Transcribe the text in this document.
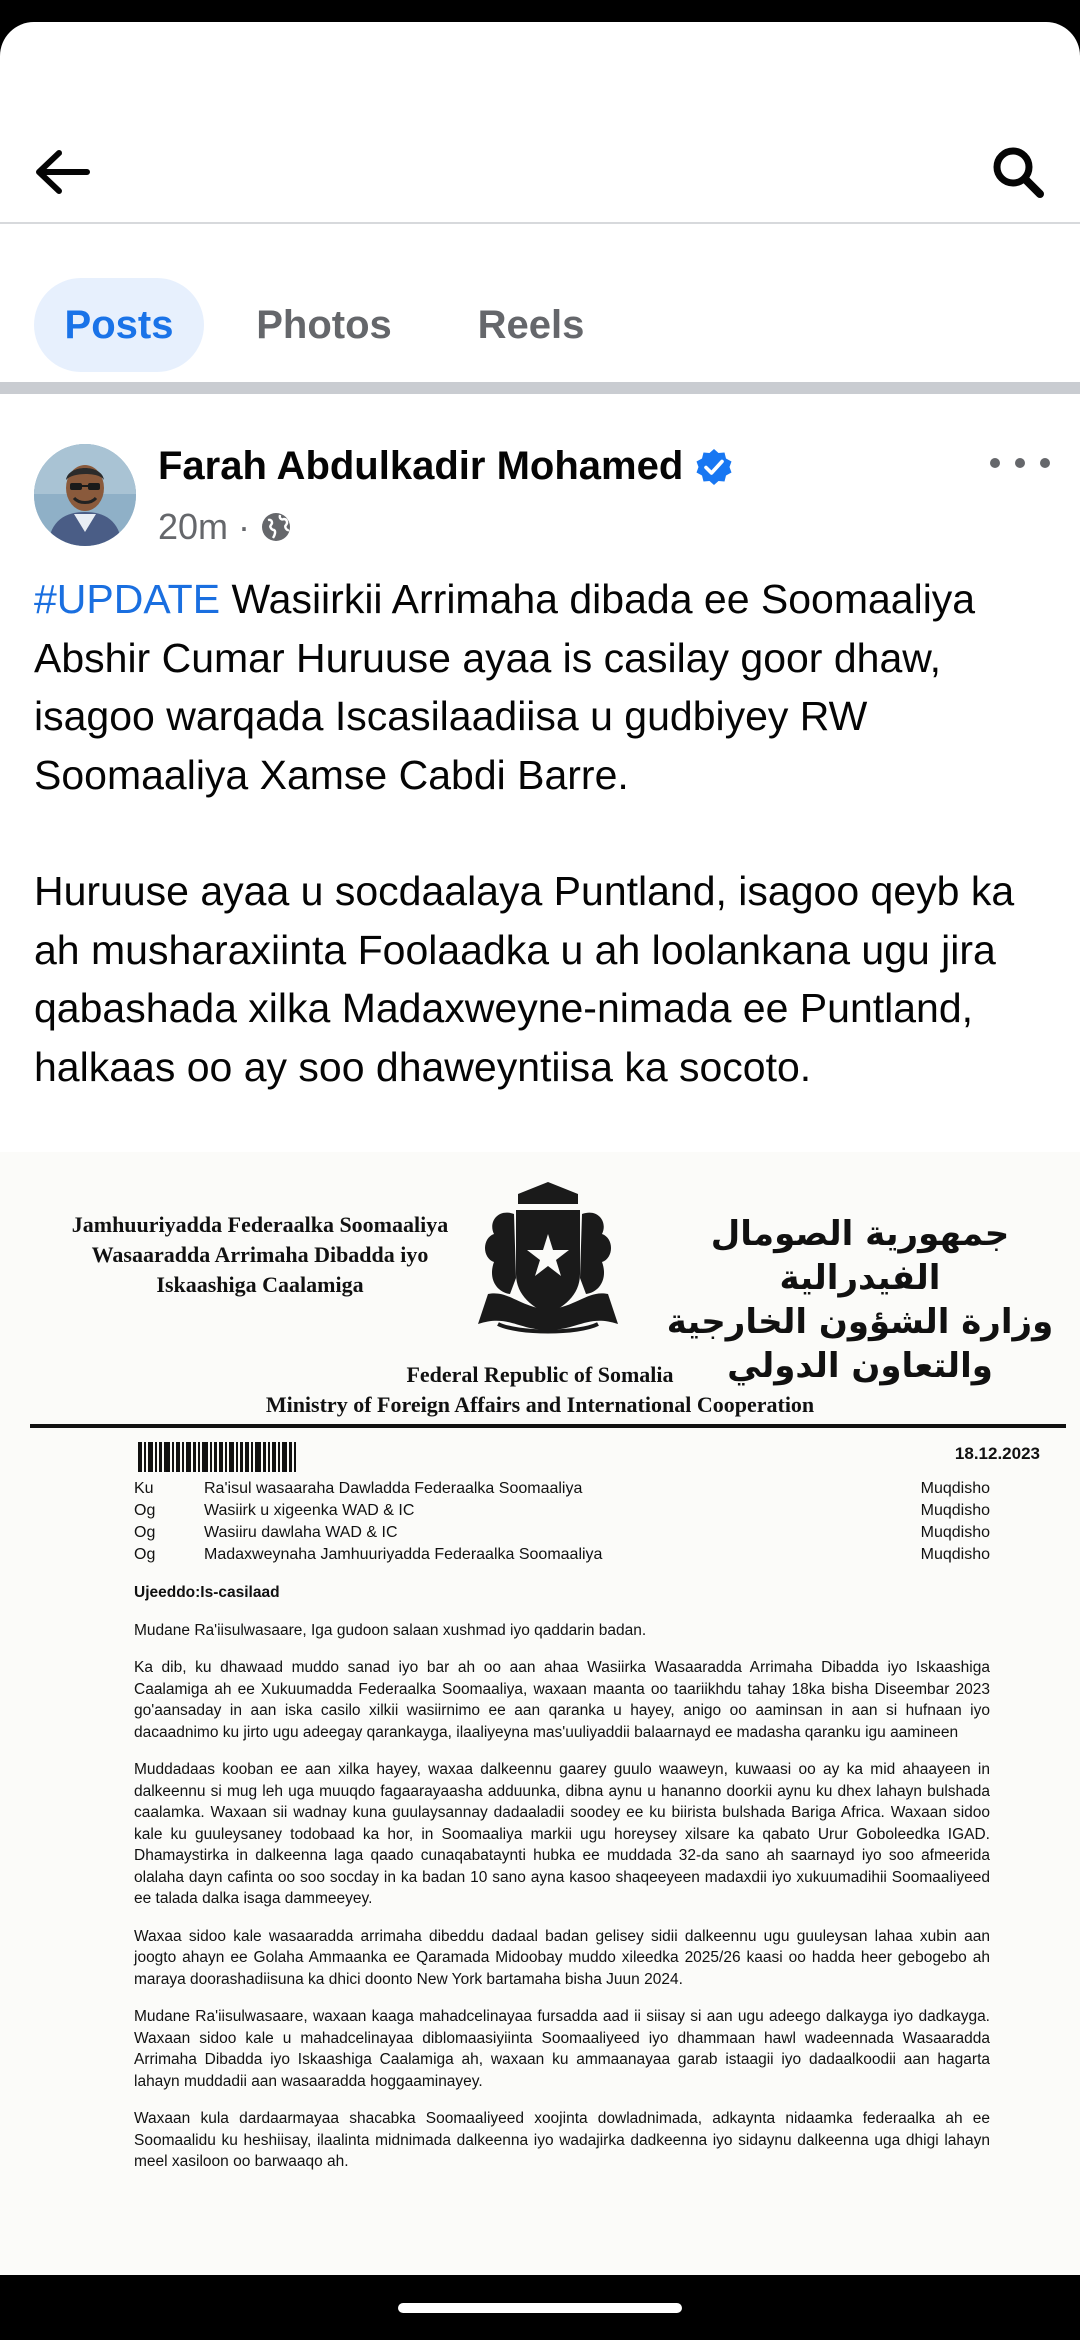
Posts	Photos	Reels
Farah Abdulkadir Mohamed
20m ·

#UPDATE Wasiirkii Arrimaha dibada ee Soomaaliya Abshir Cumar Huruuse ayaa is casilay goor dhaw, isagoo warqada Iscasilaadiisa u gudbiyey RW Soomaaliya Xamse Cabdi Barre.

Huruuse ayaa u socdaalaya Puntland, isagoo qeyb ka ah musharaxiinta Foolaadka u ah loolankana ugu jira qabashada xilka Madaxweyne-nimada ee Puntland, halkaas oo ay soo dhaweyntiisa ka socoto.

Jamhuuriyadda Federaalka Soomaaliya
Wasaaradda Arrimaha Dibadda iyo
Iskaashiga Caalamiga
جمهورية الصومال الفيدرالية
وزارة الشؤون الخارجية
والتعاون الدولي
Federal Republic of Somalia
Ministry of Foreign Affairs and International Cooperation
18.12.2023
Ku	Ra'isul wasaaraha Dawladda Federaalka Soomaaliya	Muqdisho
Og	Wasiirk u xigeenka WAD & IC	Muqdisho
Og	Wasiiru dawlaha WAD & IC	Muqdisho
Og	Madaxweynaha Jamhuuriyadda Federaalka Soomaaliya	Muqdisho

Ujeeddo:Is-casilaad

Mudane Ra'iisulwasaare, Iga gudoon salaan xushmad iyo qaddarin badan.

Ka dib, ku dhawaad muddo sanad iyo bar ah oo aan ahaa Wasiirka Wasaaradda Arrimaha Dibadda iyo Iskaashiga Caalamiga ah ee Xukuumadda Federaalka Soomaaliya, waxaan maanta oo taariikhdu tahay 18ka bisha Diseembar 2023 go'aansaday in aan iska casilo xilkii wasiirnimo ee aan qaranka u hayey, anigo oo aaminsan in aan si hufnaan iyo dacaadnimo ku jirto ugu adeegay qarankayga, ilaaliyeyna mas'uuliyaddii balaarnayd ee madasha qaranku igu aamineen

Muddadaas kooban ee aan xilka hayey, waxaa dalkeennu gaarey guulo waaweyn, kuwaasi oo ay ka mid ahaayeen in dalkeennu si mug leh uga muuqdo fagaarayaasha adduunka, dibna aynu u hananno doorkii aynu ku dhex lahayn bulshada caalamka. Waxaan sii wadnay kuna guulaysannay dadaaladii soodey ee ku biirista bulshada Bariga Africa. Waxaan sidoo kale ku guuleysaney todobaad ka hor, in Soomaaliya markii ugu horeysey xilsare ka qabato Urur Goboleedka IGAD. Dhamaystirka in dalkeenna laga qaado cunaqabataynti hubka ee muddada 32-da sano ah saarnayd iyo soo afmeerida olalaha dayn cafinta oo soo socday in ka badan 10 sano ayna kasoo shaqeeyeen madaxdii iyo xukuumadihii Soomaaliyeed ee talada dalka isaga dammeeyey.

Waxaa sidoo kale wasaaradda arrimaha dibeddu dadaal badan gelisey sidii dalkeennu ugu guuleysan lahaa xubin aan joogto ahayn ee Golaha Ammaanka ee Qaramada Midoobay muddo xileedka 2025/26 kaasi oo hadda heer gebogebo ah maraya doorashadiisuna ka dhici doonto New York bartamaha bisha Juun 2024.

Mudane Ra'iisulwasaare, waxaan kaaga mahadcelinayaa fursadda aad ii siisay si aan ugu adeego dalkayga iyo dadkayga. Waxaan sidoo kale u mahadcelinayaa diblomaasiyiinta Soomaaliyeed iyo dhammaan hawl wadeennada Wasaaradda Arrimaha Dibadda iyo Iskaashiga Caalamiga ah, waxaan ku ammaanayaa garab istaagii iyo dadaalkoodii aan hagarta lahayn muddadii aan wasaaradda hoggaaminayey.

Waxaan kula dardaarmayaa shacabka Soomaaliyeed xoojinta dowladnimada, adkaynta nidaamka federaalka ah ee Soomaalidu ku heshiisay, ilaalinta midnimada dalkeenna iyo wadajirka dadkeenna iyo sidaynu dalkeenna uga dhigi lahayn meel xasiloon oo barwaaqo ah.
